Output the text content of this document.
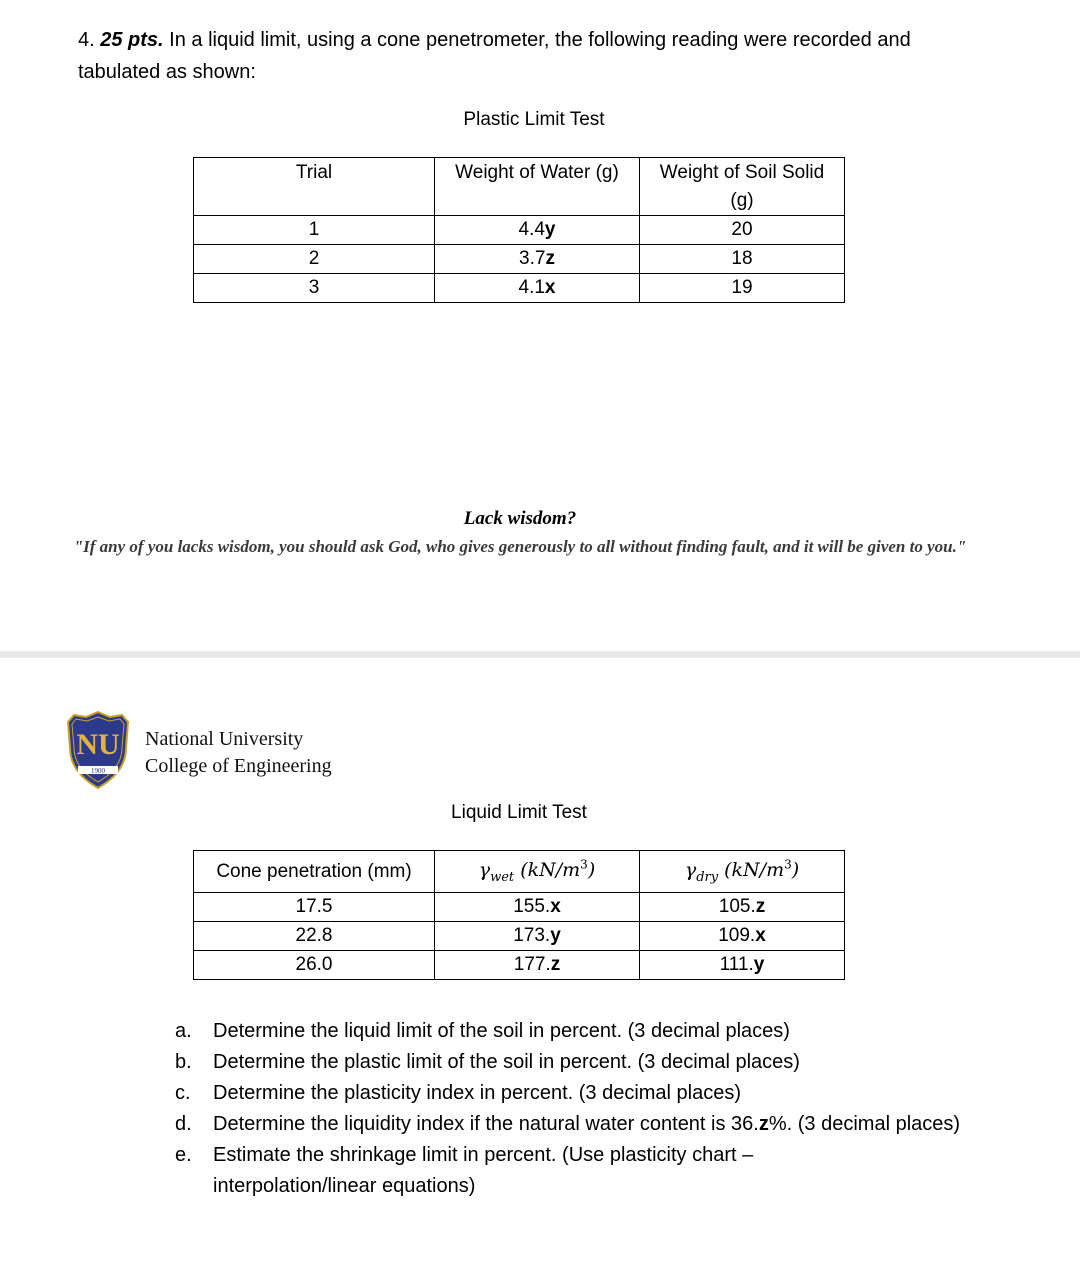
4. 25 pts. In a liquid limit, using a cone penetrometer, the following reading were recorded and tabulated as shown:
Plastic Limit Test
Trial	Weight of Water (g)	Weight of Soil Solid (g)
1	4.4y	20
2	3.7z	18
3	4.1x	19
Lack wisdom?
"If any of you lacks wisdom, you should ask God, who gives generously to all without finding fault, and it will be given to you."
NU
1900
National University
College of Engineering
Liquid Limit Test
Cone penetration (mm)	$\gamma_{wet}$ $(kN/m^3)$	$\gamma_{dry}$ $(kN/m^3)$
17.5	155.x	105.z
22.8	173.y	109.x
26.0	177.z	111.y
a.	Determine the liquid limit of the soil in percent. (3 decimal places)
b.	Determine the plastic limit of the soil in percent. (3 decimal places)
c.	Determine the plasticity index in percent. (3 decimal places)
d.	Determine the liquidity index if the natural water content is 36.z%. (3 decimal places)
e.	Estimate the shrinkage limit in percent. (Use plasticity chart – interpolation/linear equations)
